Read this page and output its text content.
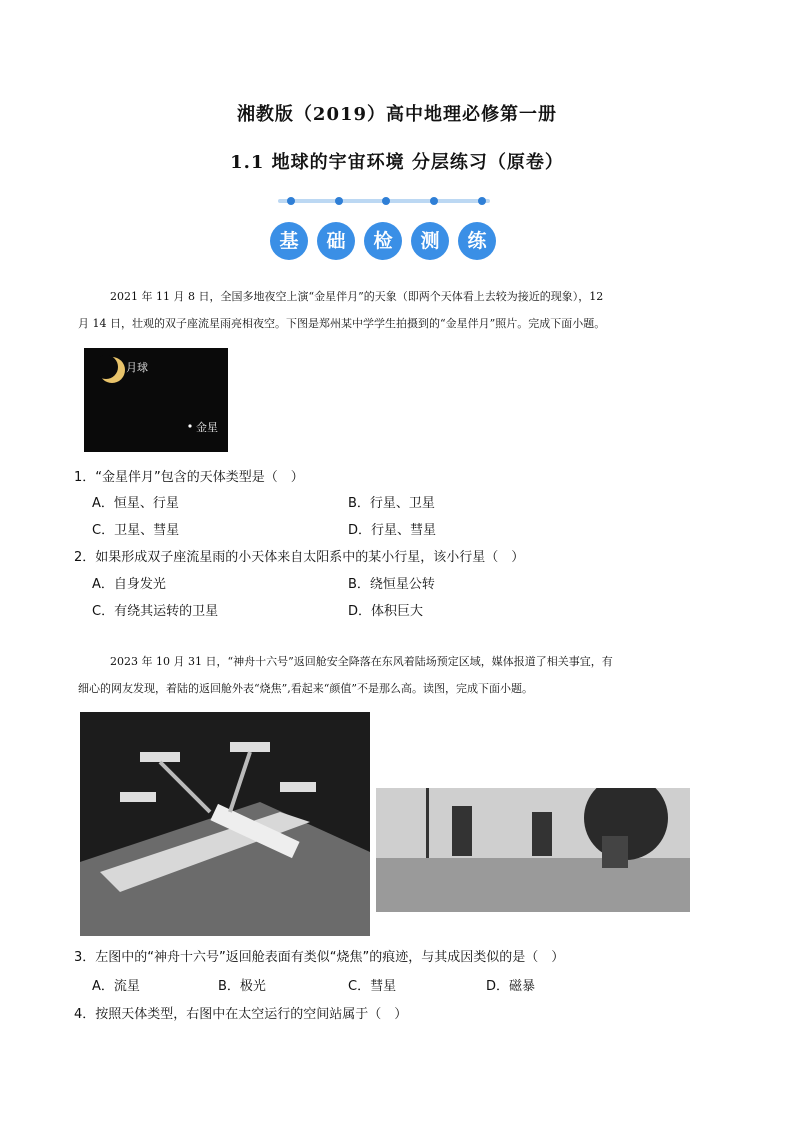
湘教版（2019）高中地理必修第一册
1.1 地球的宇宙环境 分层练习（原卷）
基	础	检	测	练
2021 年 11 月 8 日，全国多地夜空上演“金星伴月”的天象（即两个天体看上去较为接近的现象），12
月 14 日，壮观的双子座流星雨亮相夜空。下图是郑州某中学学生拍摄到的“金星伴月”照片。完成下面小题。
月球
金星
1．“金星伴月”包含的天体类型是（　）
A．恒星、行星	B．行星、卫星
C．卫星、彗星	D．行星、彗星
2．如果形成双子座流星雨的小天体来自太阳系中的某小行星，该小行星（　）
A．自身发光	B．绕恒星公转
C．有绕其运转的卫星	D．体积巨大
2023 年 10 月 31 日，“神舟十六号”返回舱安全降落在东风着陆场预定区域，媒体报道了相关事宜，有
细心的网友发现，着陆的返回舱外表“烧焦”,看起来“颜值”不是那么高。读图，完成下面小题。
3．左图中的“神舟十六号”返回舱表面有类似“烧焦”的痕迹，与其成因类似的是（　）
A．流星	B．极光	C．彗星	D．磁暴
4．按照天体类型，右图中在太空运行的空间站属于（　）
